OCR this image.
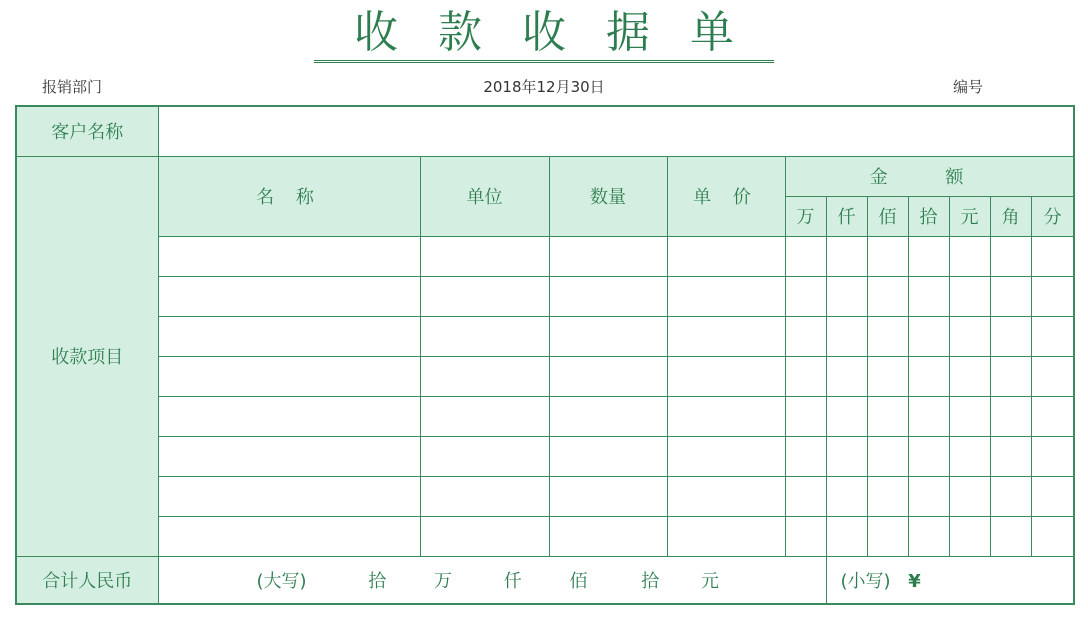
收款收据单
报销部门	2018年12月30日	编号
客户名称											
收款项目	名 称	单位	数量	单 价	金 额						
					万	仟	佰	拾	元	角	分

合计人民币	(大写) 拾 万 仟 佰 拾 元					(小写) ¥					
